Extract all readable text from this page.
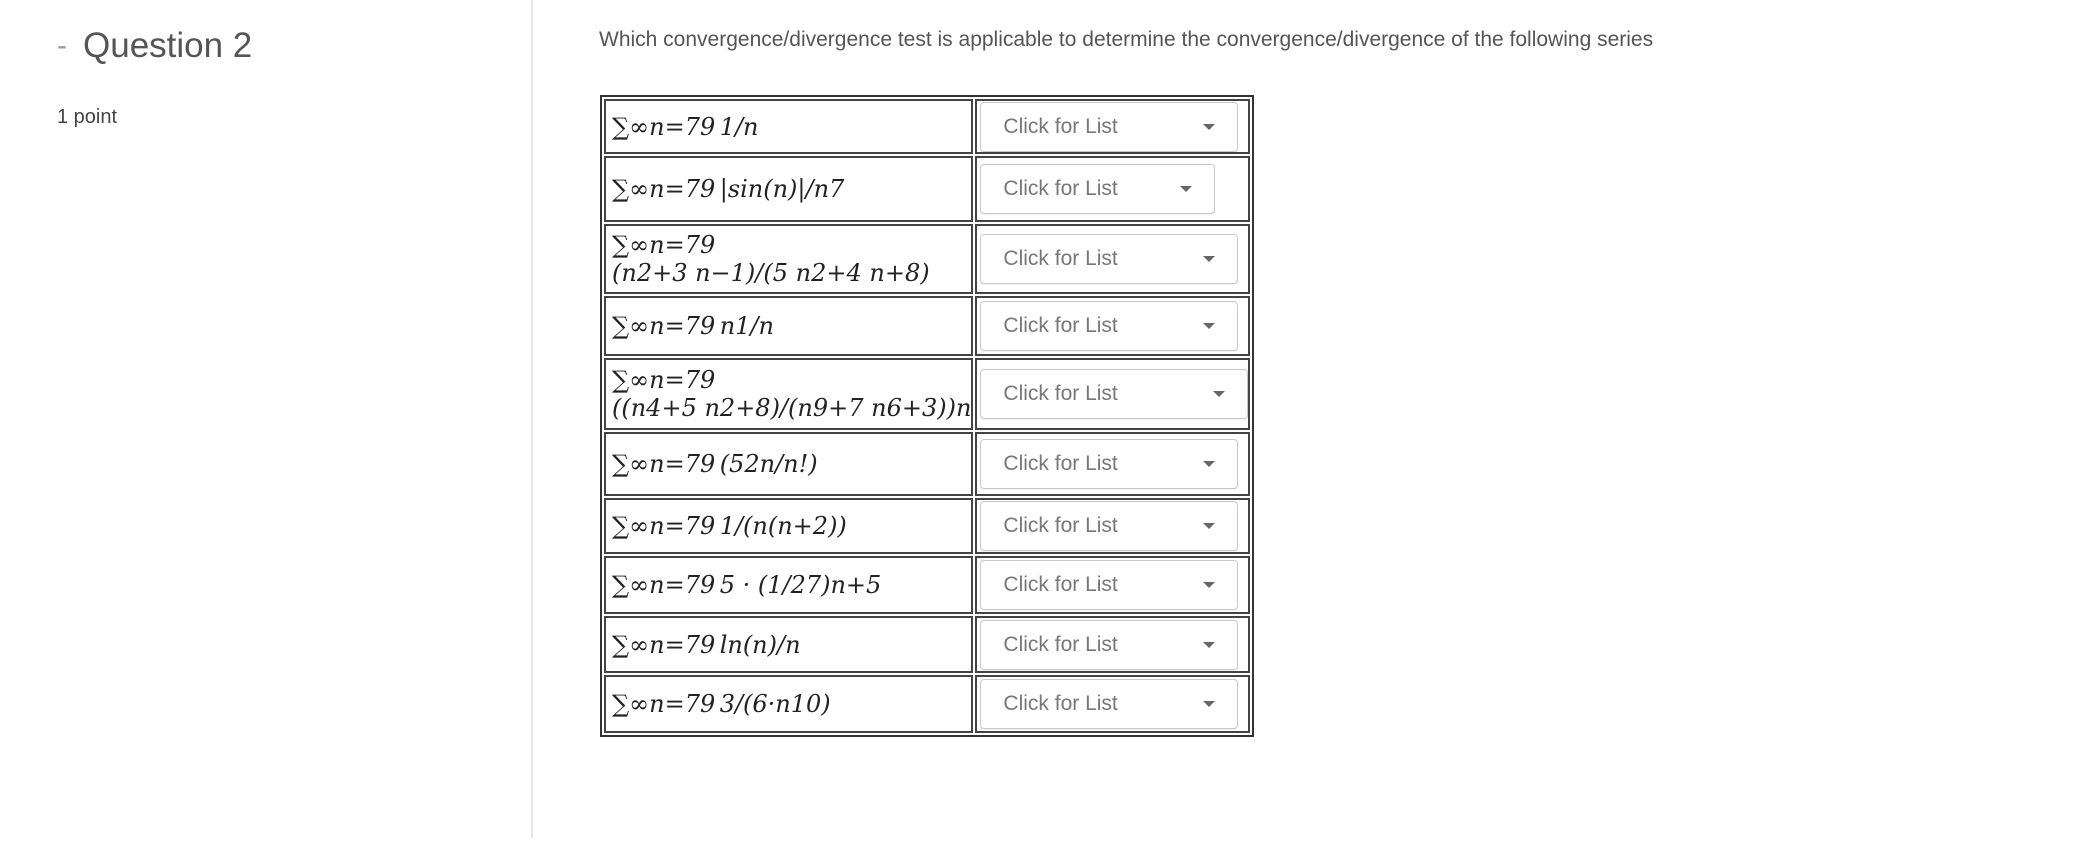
- Question 2
1 point
Which convergence/divergence test is applicable to determine the convergence/divergence of the following series
∑∞n=79 1/n	Click for List

∑∞n=79 |sin(n)|/n7	Click for List

∑∞n=79 (n2+3 n−1)/(5 n2+4 n+8)	Click for List

∑∞n=79 n1/n	Click for List

∑∞n=79 ((n4+5 n2+8)/(n9+7 n6+3))n	Click for List

∑∞n=79 (52n/n!)	Click for List

∑∞n=79 1/(n(n+2))	Click for List

∑∞n=79 5 · (1/27)n+5	Click for List

∑∞n=79 ln(n)/n	Click for List

∑∞n=79 3/(6·n10)	Click for List
